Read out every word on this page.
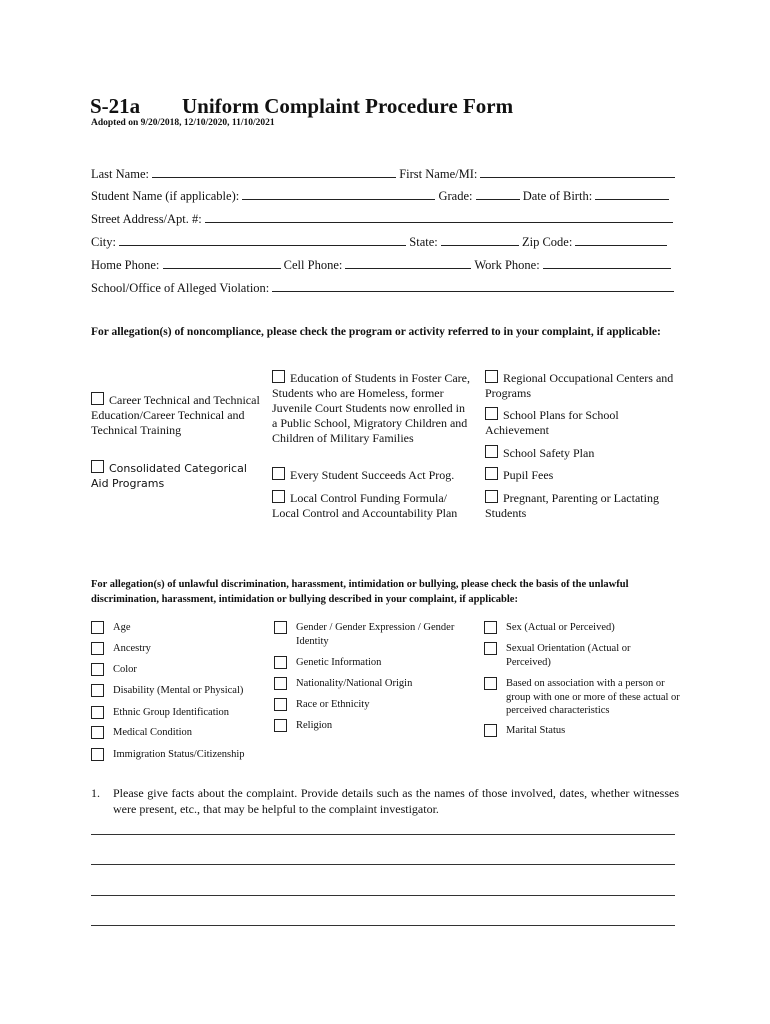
S-21a Uniform Complaint Procedure Form
Adopted on 9/20/2018, 12/10/2020, 11/10/2021
Last Name:	First Name/MI:
Student Name (if applicable):	Grade:	Date of Birth:
Street Address/Apt. #:
City:	State:	Zip Code:
Home Phone:	Cell Phone:	Work Phone:
School/Office of Alleged Violation:
For allegation(s) of noncompliance, please check the program or activity referred to in your complaint, if applicable:
Career Technical and Technical Education/Career Technical and Technical Training
Consolidated Categorical Aid Programs
Education of Students in Foster Care, Students who are Homeless, former Juvenile Court Students now enrolled in a Public School, Migratory Children and Children of Military Families
Every Student Succeeds Act Prog.
Local Control Funding Formula/ Local Control and Accountability Plan
Regional Occupational Centers and Programs
School Plans for School Achievement
School Safety Plan
Pupil Fees
Pregnant, Parenting or Lactating Students
For allegation(s) of unlawful discrimination, harassment, intimidation or bullying, please check the basis of the unlawful discrimination, harassment, intimidation or bullying described in your complaint, if applicable:
Age
Ancestry
Color
Disability (Mental or Physical)
Ethnic Group Identification
Medical Condition
Immigration Status/Citizenship
Gender / Gender Expression / Gender Identity
Genetic Information
Nationality/National Origin
Race or Ethnicity
Religion
Sex (Actual or Perceived)
Sexual Orientation (Actual or Perceived)
Based on association with a person or group with one or more of these actual or perceived characteristics
Marital Status
1. Please give facts about the complaint. Provide details such as the names of those involved, dates, whether witnesses were present, etc., that may be helpful to the complaint investigator.
